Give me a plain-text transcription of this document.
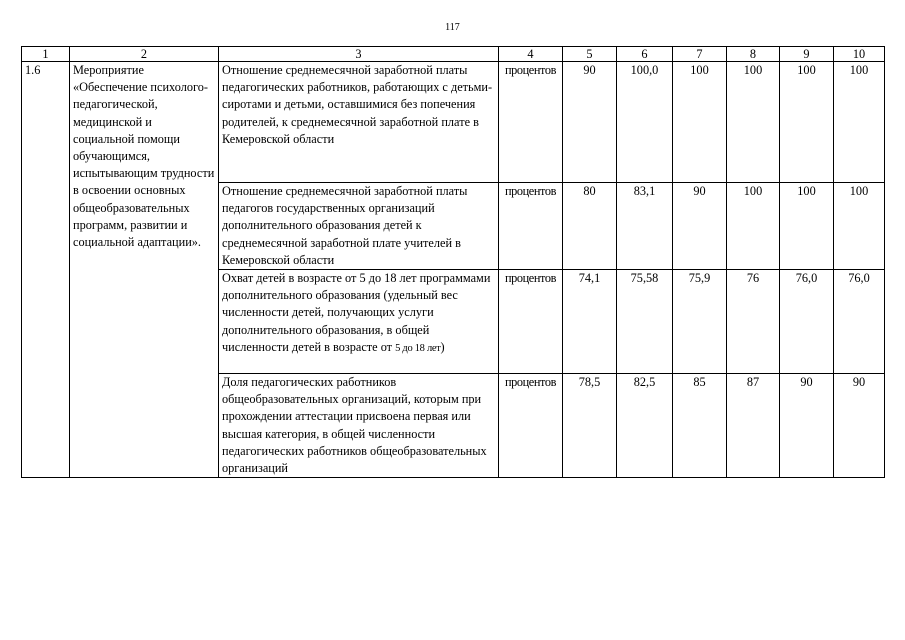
117
1	2	3	4	5	6	7	8	9	10
1.6	Мероприятие «Обеспечение психолого-педагогической, медицинской и социальной помощи обучающимся, испытывающим трудности в освоении основных общеобразовательных программ, развитии и социальной адаптации».	Отношение среднемесячной заработной платы педагогических работников, работающих с детьми-сиротами и детьми, оставшимися без попечения родителей, к среднемесячной заработной плате в Кемеровской области	процентов	90	100,0	100	100	100	100
		Отношение среднемесячной заработной платы педагогов государственных организаций дополнительного образования детей к среднемесячной заработной плате учителей в Кемеровской области	процентов	80	83,1	90	100	100	100
		Охват детей в возрасте от 5 до 18 лет программами дополнительного образования (удельный вес численности детей, получающих услуги дополнительного образования, в общей численности детей в возрасте от 5 до 18 лет)	процентов	74,1	75,58	75,9	76	76,0	76,0
		Доля педагогических работников общеобразовательных организаций, которым при прохождении аттестации присвоена первая или высшая категория, в общей численности педагогических работников общеобразовательных организаций	процентов	78,5	82,5	85	87	90	90
